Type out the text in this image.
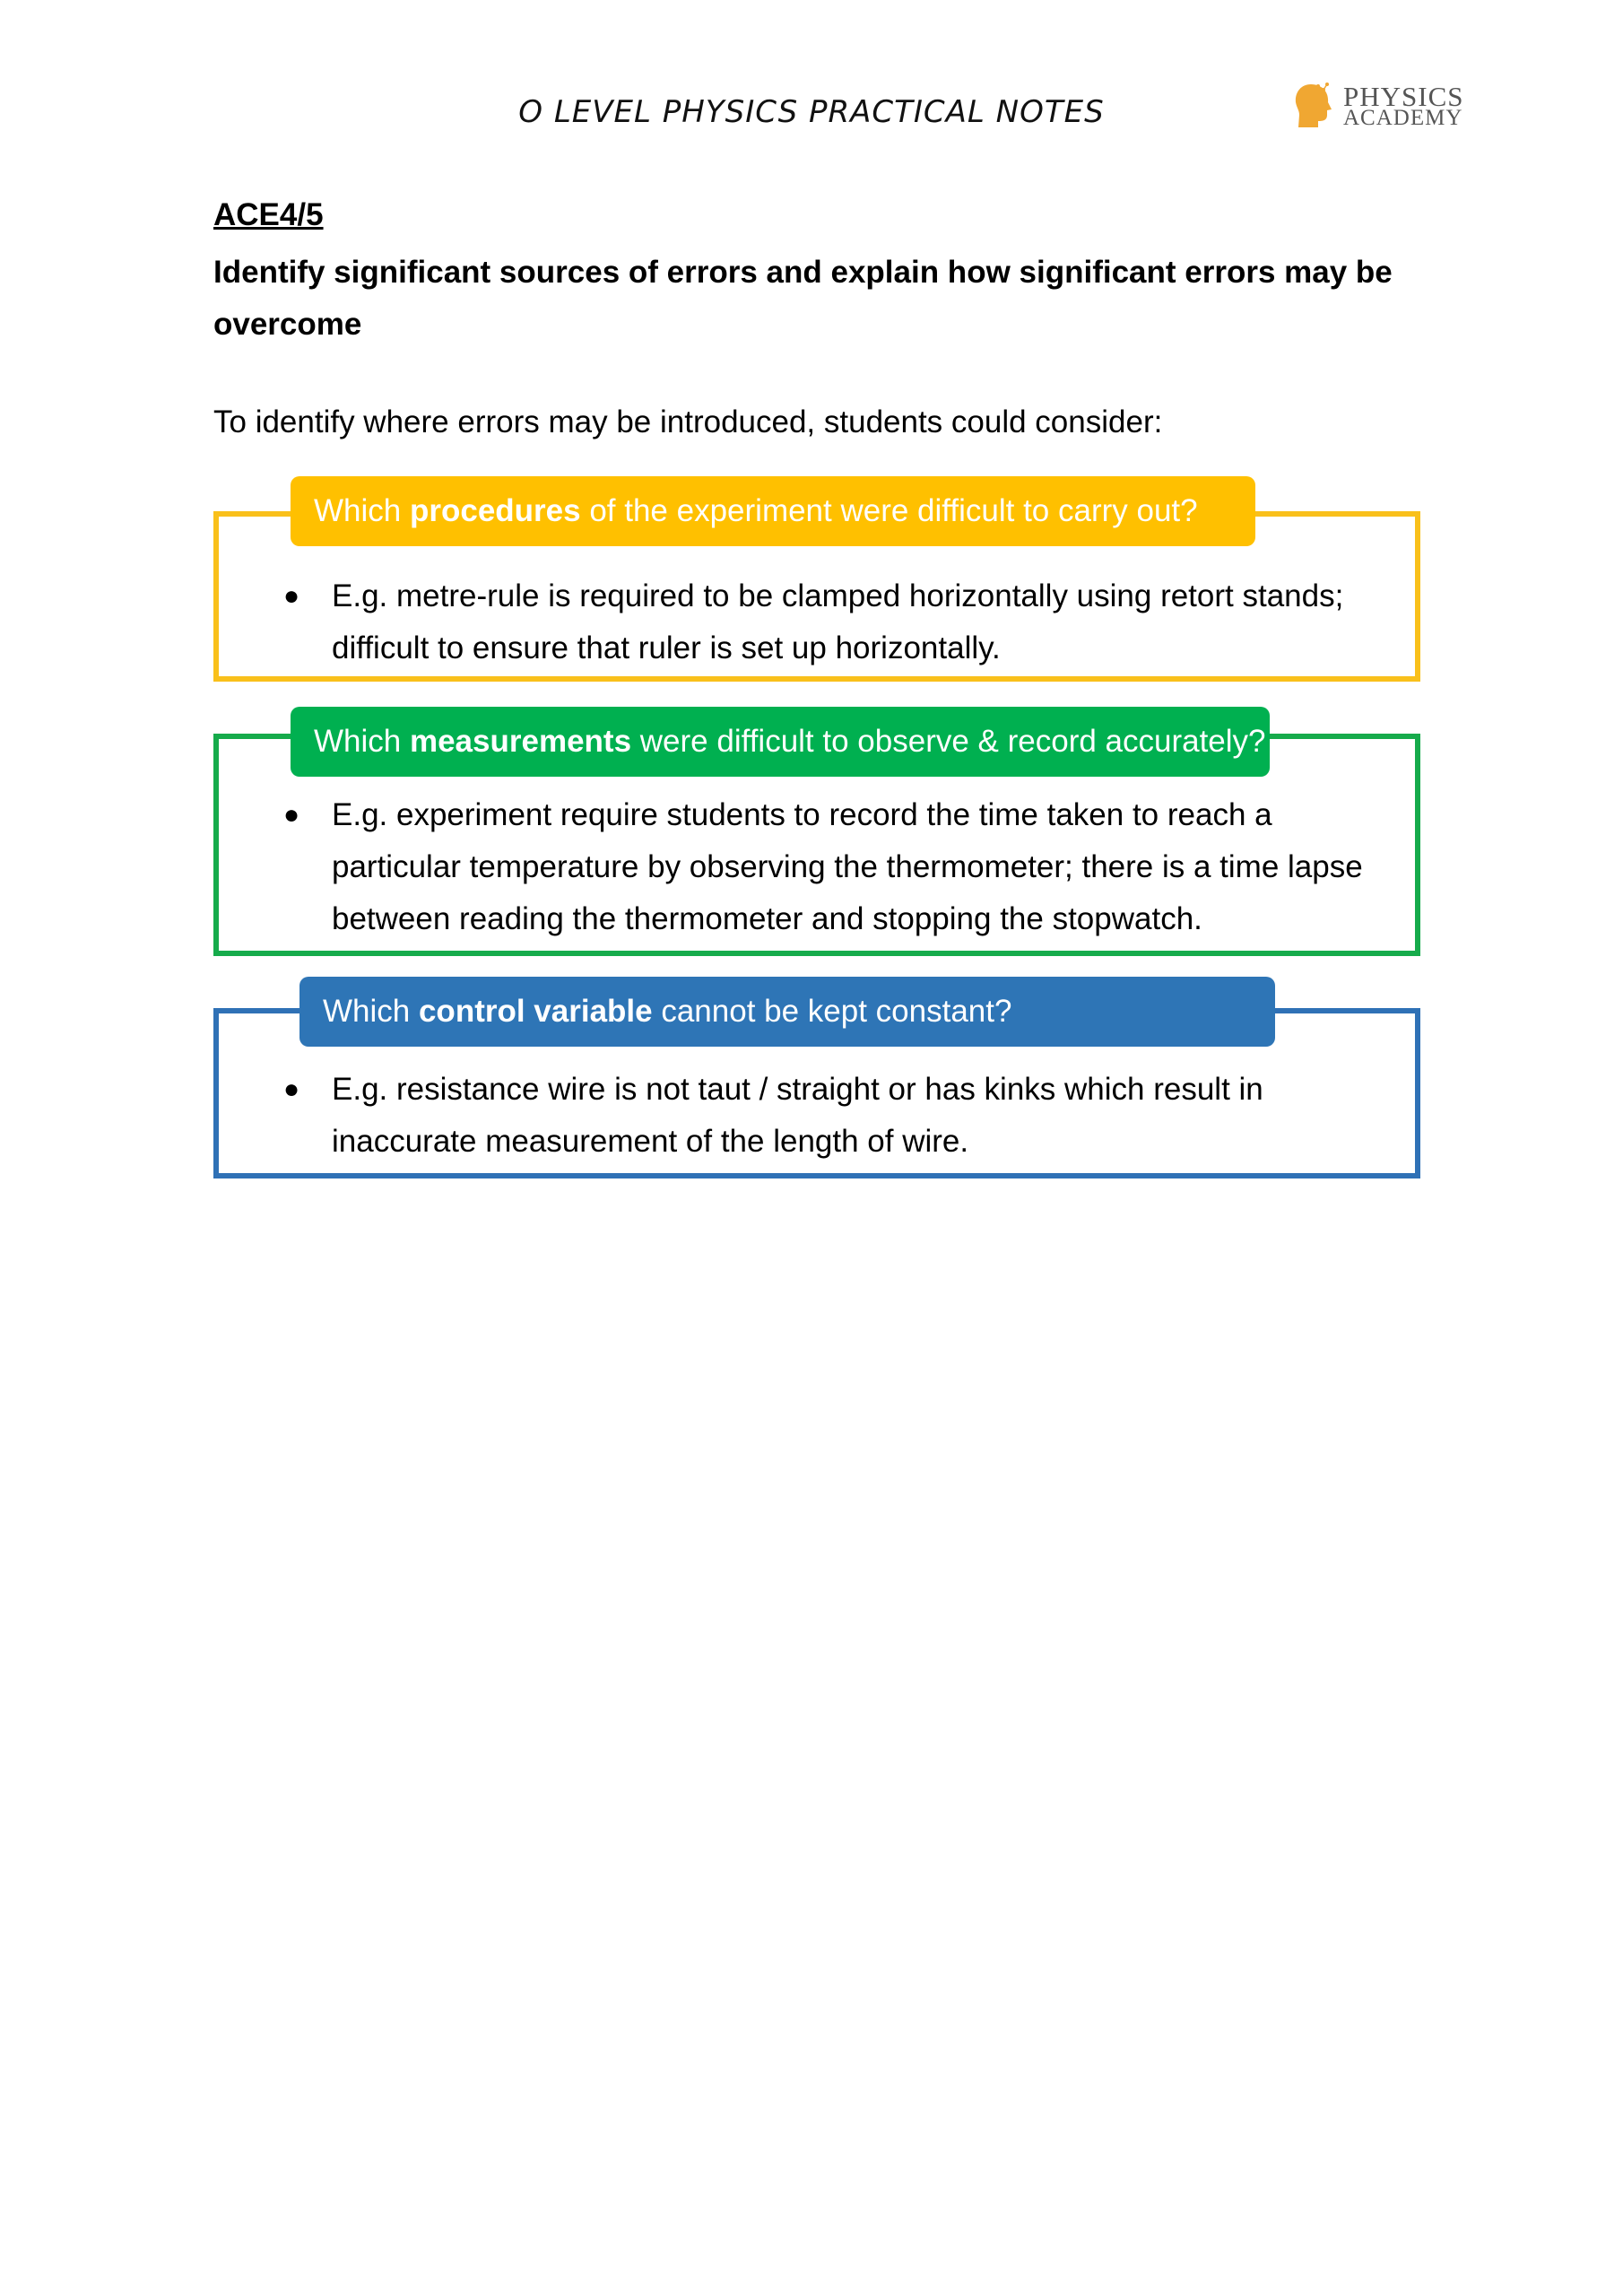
O LEVEL PHYSICS PRACTICAL NOTES	PHYSICS
ACADEMY
ACE4/5
Identify significant sources of errors and explain how significant errors may be overcome
To identify where errors may be introduced, students could consider:
● E.g. metre-rule is required to be clamped horizontally using retort stands; difficult to ensure that ruler is set up horizontally.
Which procedures of the experiment were difficult to carry out?
● E.g. experiment require students to record the time taken to reach a particular temperature by observing the thermometer; there is a time lapse between reading the thermometer and stopping the stopwatch.
Which measurements were difficult to observe & record accurately?
● E.g. resistance wire is not taut / straight or has kinks which result in inaccurate measurement of the length of wire.
Which control variable cannot be kept constant?
